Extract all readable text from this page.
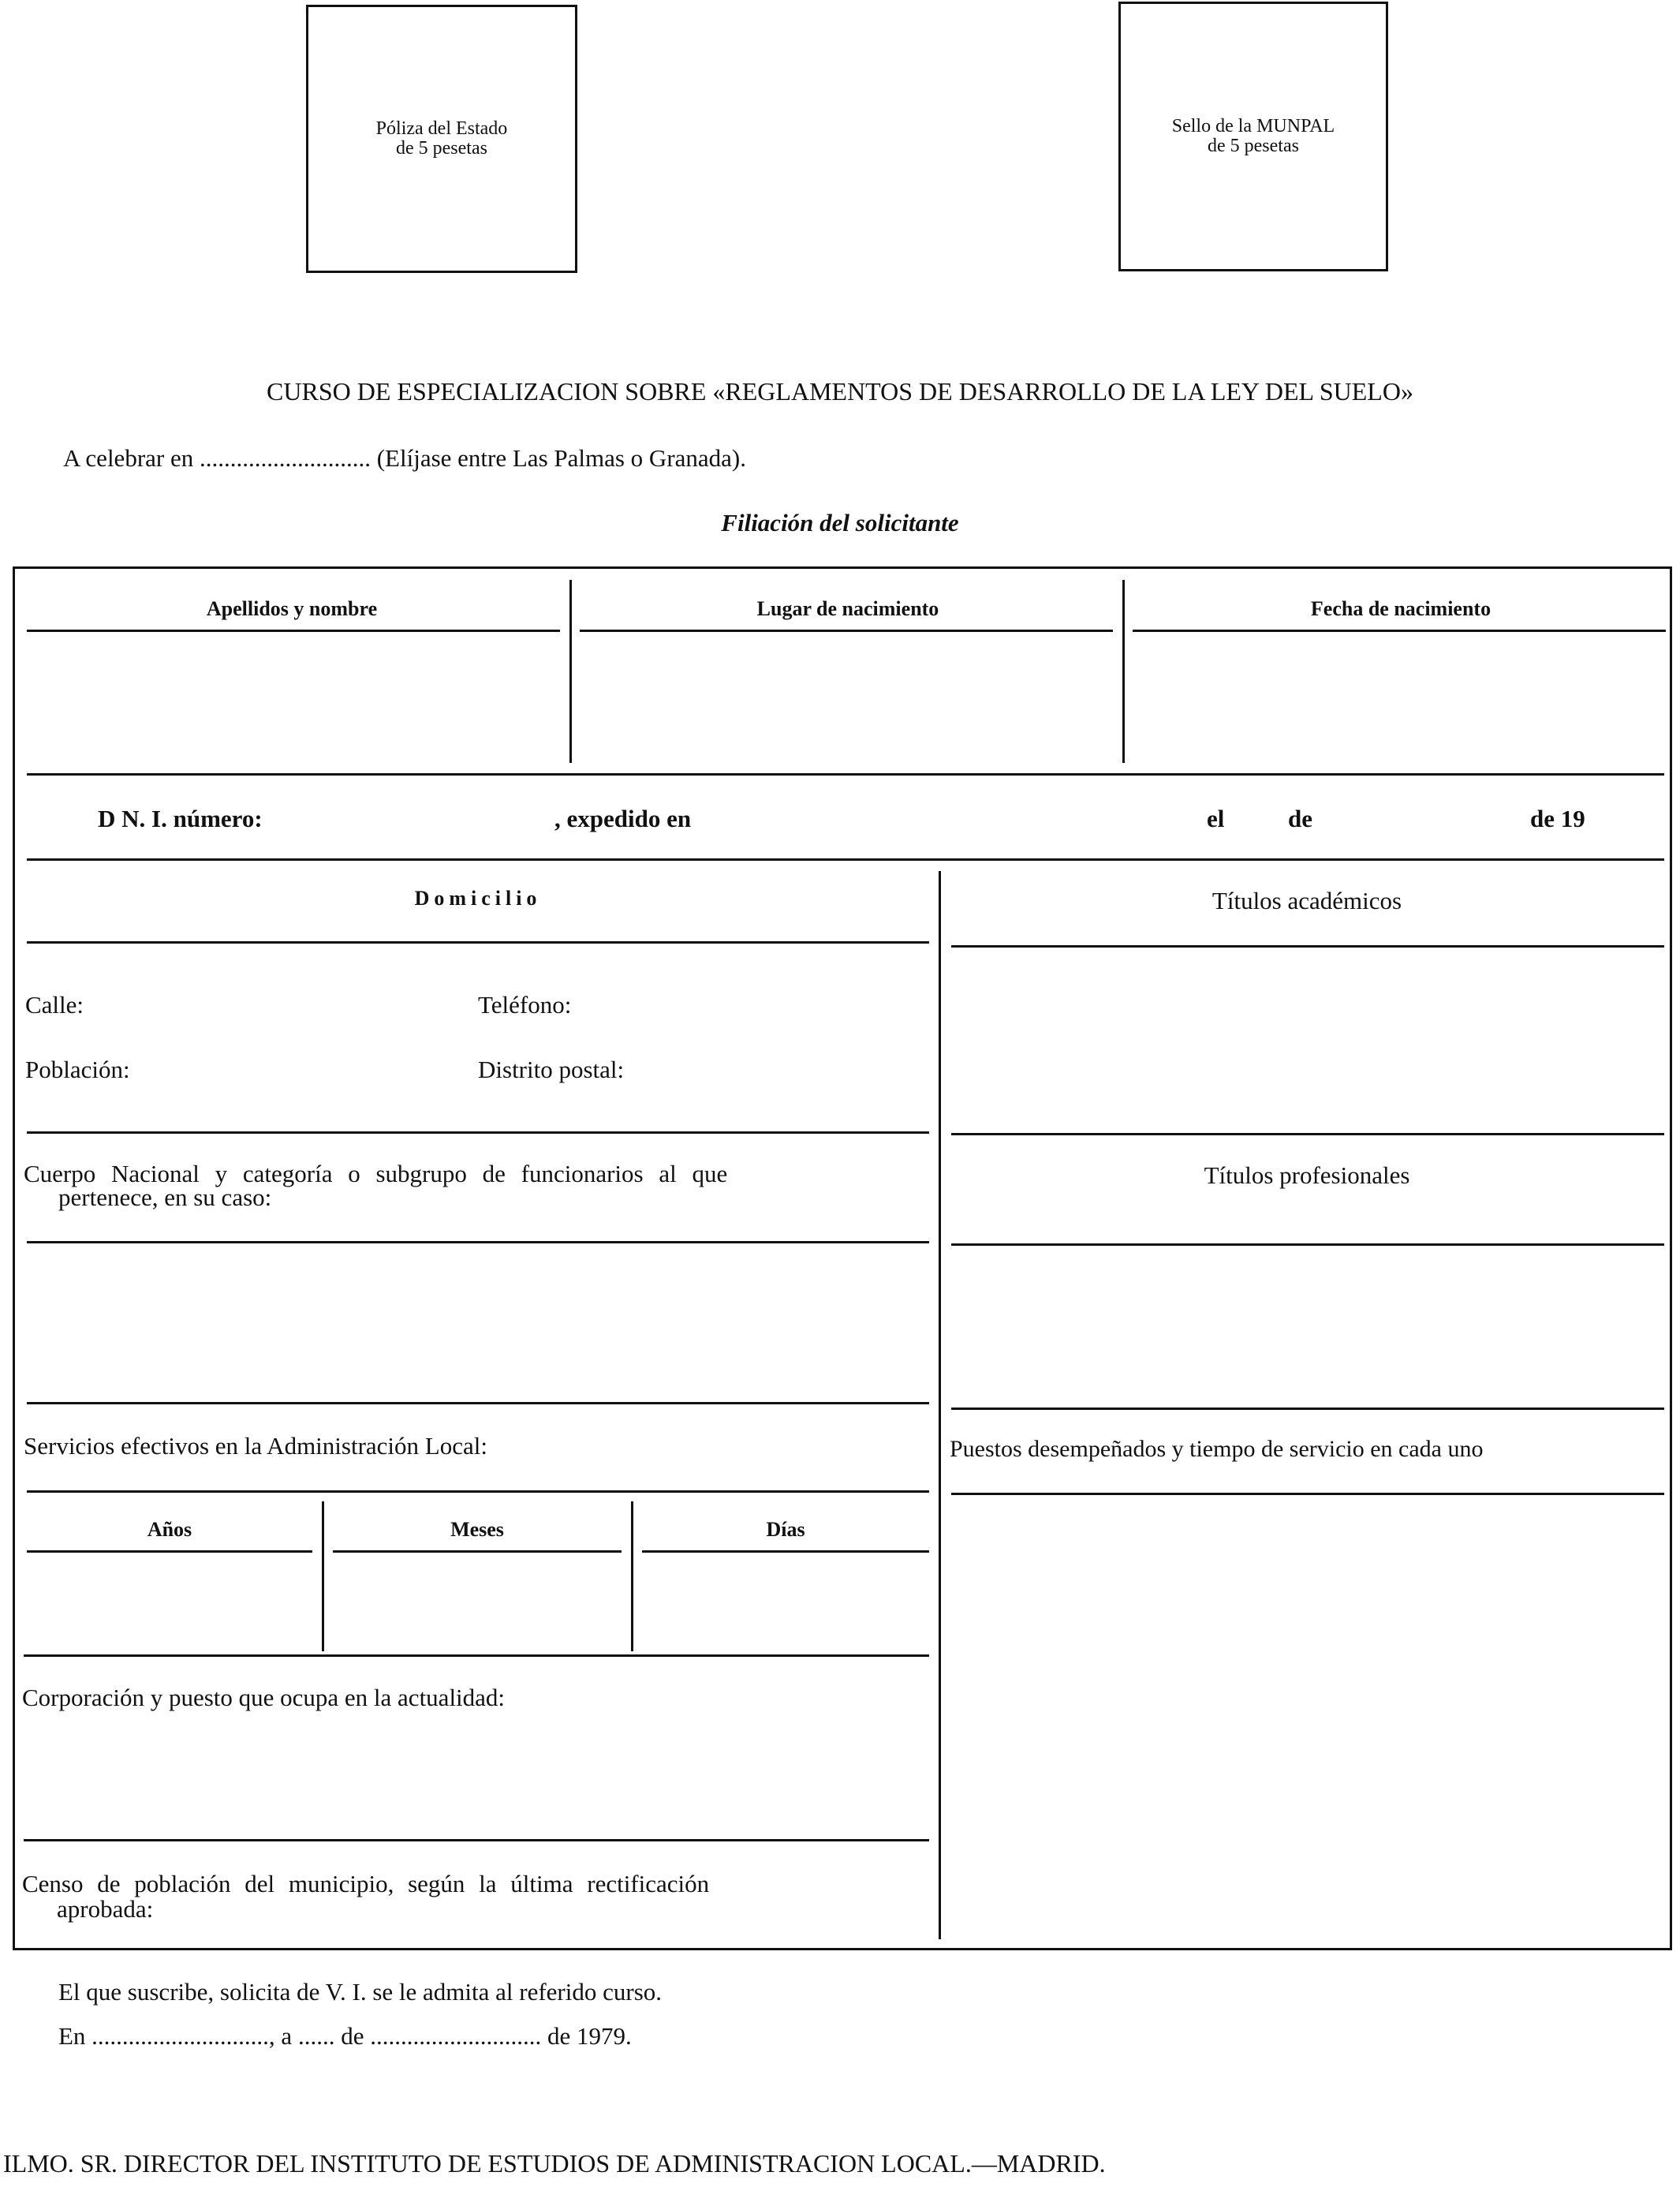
Póliza del Estado
de 5 pesetas
Sello de la MUNPAL
de 5 pesetas
CURSO DE ESPECIALIZACION SOBRE «REGLAMENTOS DE DESARROLLO DE LA LEY DEL SUELO»
A celebrar en ............................ (Elíjase entre Las Palmas o Granada).
Filiación del solicitante
Apellidos y nombre	Lugar de nacimiento	Fecha de nacimiento
D N. I. número:	, expedido en	el	de	de 19
Domicilio
Calle:	Teléfono:
Población:	Distrito postal:
Cuerpo Nacional y categoría o subgrupo de funcionarios al que
pertenece, en su caso:
Servicios efectivos en la Administración Local:
Años	Meses	Días
Corporación y puesto que ocupa en la actualidad:
Censo de población del municipio, según la última rectificación
aprobada:
Títulos académicos
Títulos profesionales
Puestos desempeñados y tiempo de servicio en cada uno
El que suscribe, solicita de V. I. se le admita al referido curso.
En ............................., a ...... de ............................ de 1979.
ILMO. SR. DIRECTOR DEL INSTITUTO DE ESTUDIOS DE ADMINISTRACION LOCAL.—MADRID.
